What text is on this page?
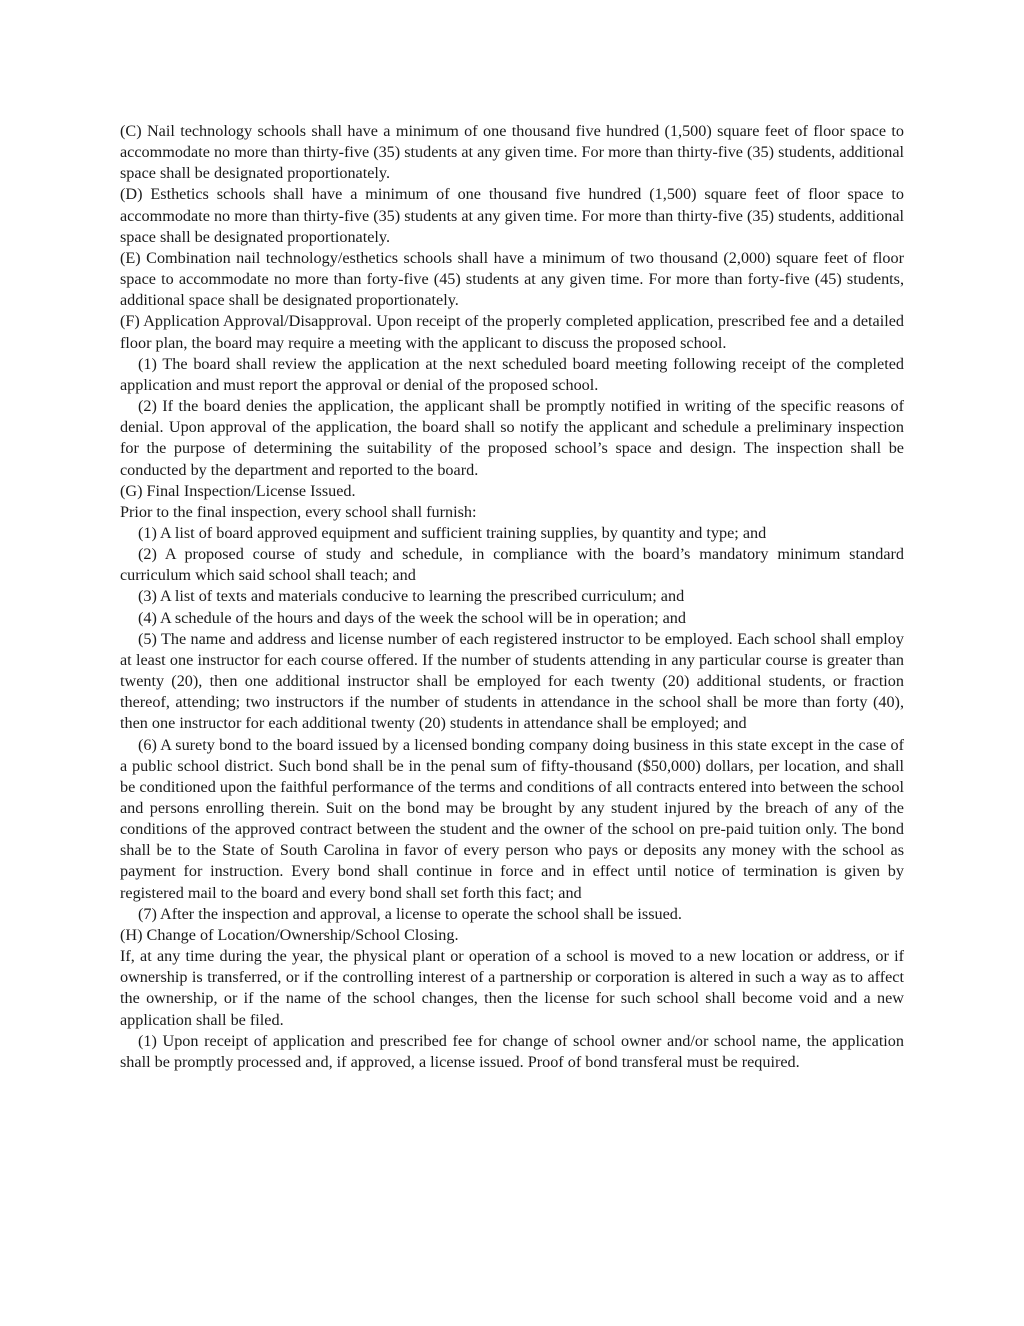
(C) Nail technology schools shall have a minimum of one thousand five hundred (1,500) square feet of floor space to accommodate no more than thirty-five (35) students at any given time. For more than thirty-five (35) students, additional space shall be designated proportionately.

(D) Esthetics schools shall have a minimum of one thousand five hundred (1,500) square feet of floor space to accommodate no more than thirty-five (35) students at any given time. For more than thirty-five (35) students, additional space shall be designated proportionately.

(E) Combination nail technology/esthetics schools shall have a minimum of two thousand (2,000) square feet of floor space to accommodate no more than forty-five (45) students at any given time. For more than forty-five (45) students, additional space shall be designated proportionately.

(F) Application Approval/Disapproval. Upon receipt of the properly completed application, prescribed fee and a detailed floor plan, the board may require a meeting with the applicant to discuss the proposed school.

(1) The board shall review the application at the next scheduled board meeting following receipt of the completed application and must report the approval or denial of the proposed school.

(2) If the board denies the application, the applicant shall be promptly notified in writing of the specific reasons of denial. Upon approval of the application, the board shall so notify the applicant and schedule a preliminary inspection for the purpose of determining the suitability of the proposed school’s space and design. The inspection shall be conducted by the department and reported to the board.

(G) Final Inspection/License Issued.

Prior to the final inspection, every school shall furnish:

(1) A list of board approved equipment and sufficient training supplies, by quantity and type; and

(2) A proposed course of study and schedule, in compliance with the board’s mandatory minimum standard curriculum which said school shall teach; and

(3) A list of texts and materials conducive to learning the prescribed curriculum; and

(4) A schedule of the hours and days of the week the school will be in operation; and

(5) The name and address and license number of each registered instructor to be employed. Each school shall employ at least one instructor for each course offered. If the number of students attending in any particular course is greater than twenty (20), then one additional instructor shall be employed for each twenty (20) additional students, or fraction thereof, attending; two instructors if the number of students in attendance in the school shall be more than forty (40), then one instructor for each additional twenty (20) students in attendance shall be employed; and

(6) A surety bond to the board issued by a licensed bonding company doing business in this state except in the case of a public school district. Such bond shall be in the penal sum of fifty-thousand ($50,000) dollars, per location, and shall be conditioned upon the faithful performance of the terms and conditions of all contracts entered into between the school and persons enrolling therein. Suit on the bond may be brought by any student injured by the breach of any of the conditions of the approved contract between the student and the owner of the school on pre-paid tuition only. The bond shall be to the State of South Carolina in favor of every person who pays or deposits any money with the school as payment for instruction. Every bond shall continue in force and in effect until notice of termination is given by registered mail to the board and every bond shall set forth this fact; and

(7) After the inspection and approval, a license to operate the school shall be issued.

(H) Change of Location/Ownership/School Closing.

If, at any time during the year, the physical plant or operation of a school is moved to a new location or address, or if ownership is transferred, or if the controlling interest of a partnership or corporation is altered in such a way as to affect the ownership, or if the name of the school changes, then the license for such school shall become void and a new application shall be filed.

(1) Upon receipt of application and prescribed fee for change of school owner and/or school name, the application shall be promptly processed and, if approved, a license issued. Proof of bond transferal must be required.
